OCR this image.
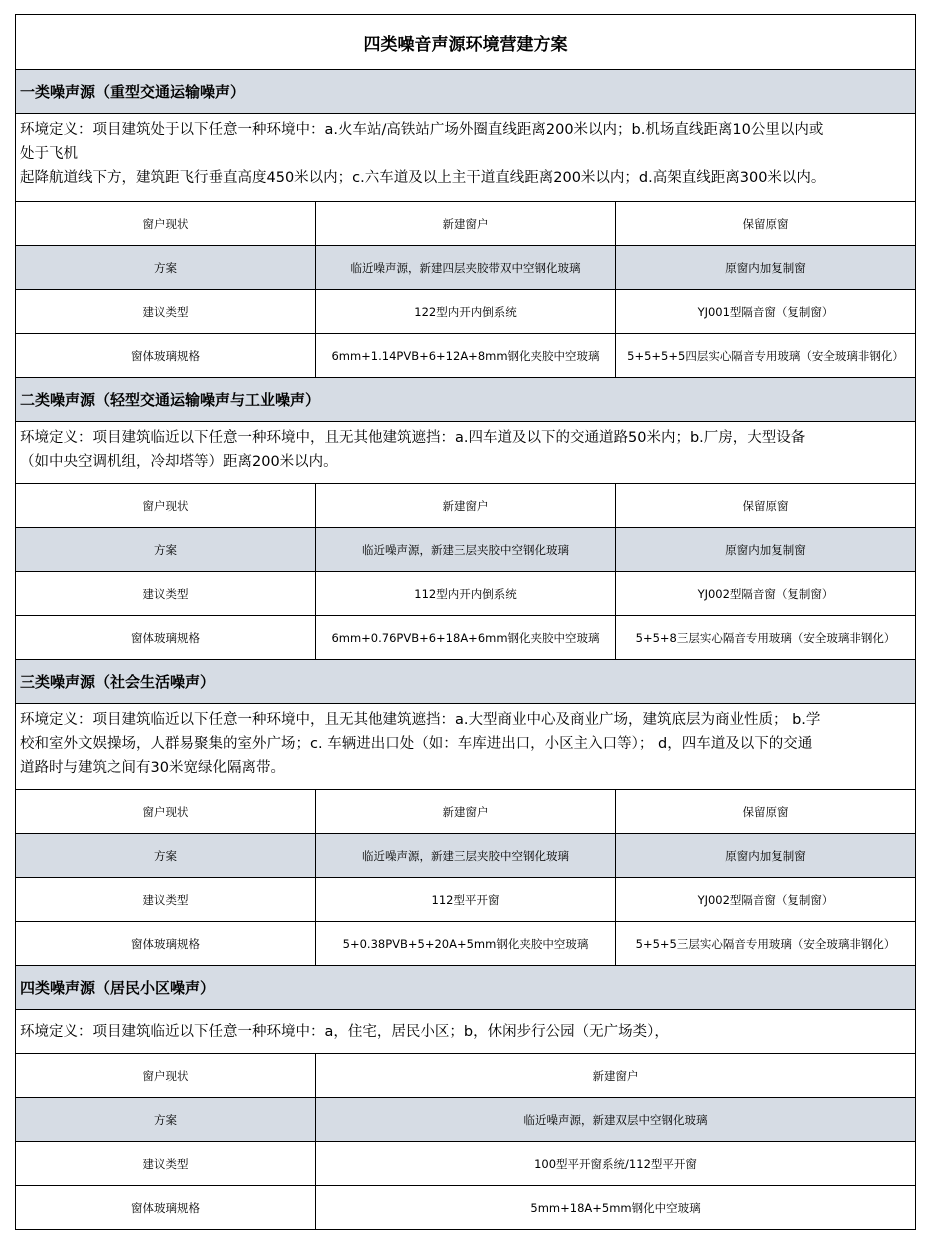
四类噪音声源环境营建方案
一类噪声源（重型交通运输噪声）
环境定义：项目建筑处于以下任意一种环境中：a.火车站/高铁站广场外圈直线距离200米以内；b.机场直线距离10公里以内或
处于飞机
起降航道线下方，建筑距飞行垂直高度450米以内；c.六车道及以上主干道直线距离200米以内；d.高架直线距离300米以内。
窗户现状	新建窗户	保留原窗
方案	临近噪声源，新建四层夹胶带双中空钢化玻璃	原窗内加复制窗
建议类型	122型内开内倒系统	YJ001型隔音窗（复制窗）
窗体玻璃规格	6mm+1.14PVB+6+12A+8mm钢化夹胶中空玻璃	5+5+5+5四层实心隔音专用玻璃（安全玻璃非钢化）
二类噪声源（轻型交通运输噪声与工业噪声）
环境定义：项目建筑临近以下任意一种环境中，且无其他建筑遮挡：a.四车道及以下的交通道路50米内；b.厂房，大型设备
（如中央空调机组，冷却塔等）距离200米以内。
窗户现状	新建窗户	保留原窗
方案	临近噪声源，新建三层夹胶中空钢化玻璃	原窗内加复制窗
建议类型	112型内开内倒系统	YJ002型隔音窗（复制窗）
窗体玻璃规格	6mm+0.76PVB+6+18A+6mm钢化夹胶中空玻璃	5+5+8三层实心隔音专用玻璃（安全玻璃非钢化）
三类噪声源（社会生活噪声）
环境定义：项目建筑临近以下任意一种环境中，且无其他建筑遮挡：a.大型商业中心及商业广场，建筑底层为商业性质； b.学
校和室外文娱操场，人群易聚集的室外广场；c. 车辆进出口处（如：车库进出口，小区主入口等）； d，四车道及以下的交通
道路时与建筑之间有30米宽绿化隔离带。
窗户现状	新建窗户	保留原窗
方案	临近噪声源，新建三层夹胶中空钢化玻璃	原窗内加复制窗
建议类型	112型平开窗	YJ002型隔音窗（复制窗）
窗体玻璃规格	5+0.38PVB+5+20A+5mm钢化夹胶中空玻璃	5+5+5三层实心隔音专用玻璃（安全玻璃非钢化）
四类噪声源（居民小区噪声）
环境定义：项目建筑临近以下任意一种环境中：a，住宅，居民小区；b，休闲步行公园（无广场类），
窗户现状	新建窗户
方案	临近噪声源，新建双层中空钢化玻璃
建议类型	100型平开窗系统/112型平开窗
窗体玻璃规格	5mm+18A+5mm钢化中空玻璃
